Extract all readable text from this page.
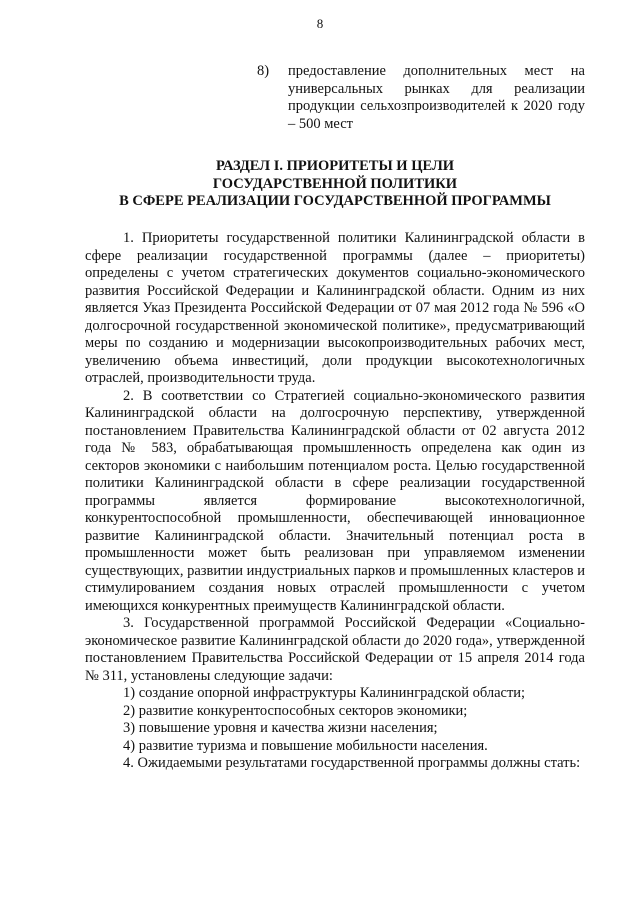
8
8) предоставление дополнительных мест на универсальных рынках для реализации продукции сельхозпроизводителей к 2020 году – 500 мест
РАЗДЕЛ I. ПРИОРИТЕТЫ И ЦЕЛИ
ГОСУДАРСТВЕННОЙ ПОЛИТИКИ
В СФЕРЕ РЕАЛИЗАЦИИ ГОСУДАРСТВЕННОЙ ПРОГРАММЫ

1. Приоритеты государственной политики Калининградской области в сфере реализации государственной программы (далее – приоритеты) определены с учетом стратегических документов социально-экономического развития Российской Федерации и Калининградской области. Одним из них является Указ Президента Российской Федерации от 07 мая 2012 года № 596 «О долгосрочной государственной экономической политике», предусматривающий меры по созданию и модернизации высокопроизводительных рабочих мест, увеличению объема инвестиций, доли продукции высокотехнологичных отраслей, производительности труда.

2. В соответствии со Стратегией социально-экономического развития Калининградской области на долгосрочную перспективу, утвержденной постановлением Правительства Калининградской области от 02 августа 2012 года № 583, обрабатывающая промышленность определена как один из секторов экономики с наибольшим потенциалом роста. Целью государственной политики Калининградской области в сфере реализации государственной программы является формирование высокотехнологичной, конкурентоспособной промышленности, обеспечивающей инновационное развитие Калининградской области. Значительный потенциал роста в промышленности может быть реализован при управляемом изменении существующих, развитии индустриальных парков и промышленных кластеров и стимулированием создания новых отраслей промышленности с учетом имеющихся конкурентных преимуществ Калининградской области.

3. Государственной программой Российской Федерации «Социально-экономическое развитие Калининградской области до 2020 года», утвержденной постановлением Правительства Российской Федерации от 15 апреля 2014 года № 311, установлены следующие задачи:

1) создание опорной инфраструктуры Калининградской области;

2) развитие конкурентоспособных секторов экономики;

3) повышение уровня и качества жизни населения;

4) развитие туризма и повышение мобильности населения.

4. Ожидаемыми результатами государственной программы должны стать:
